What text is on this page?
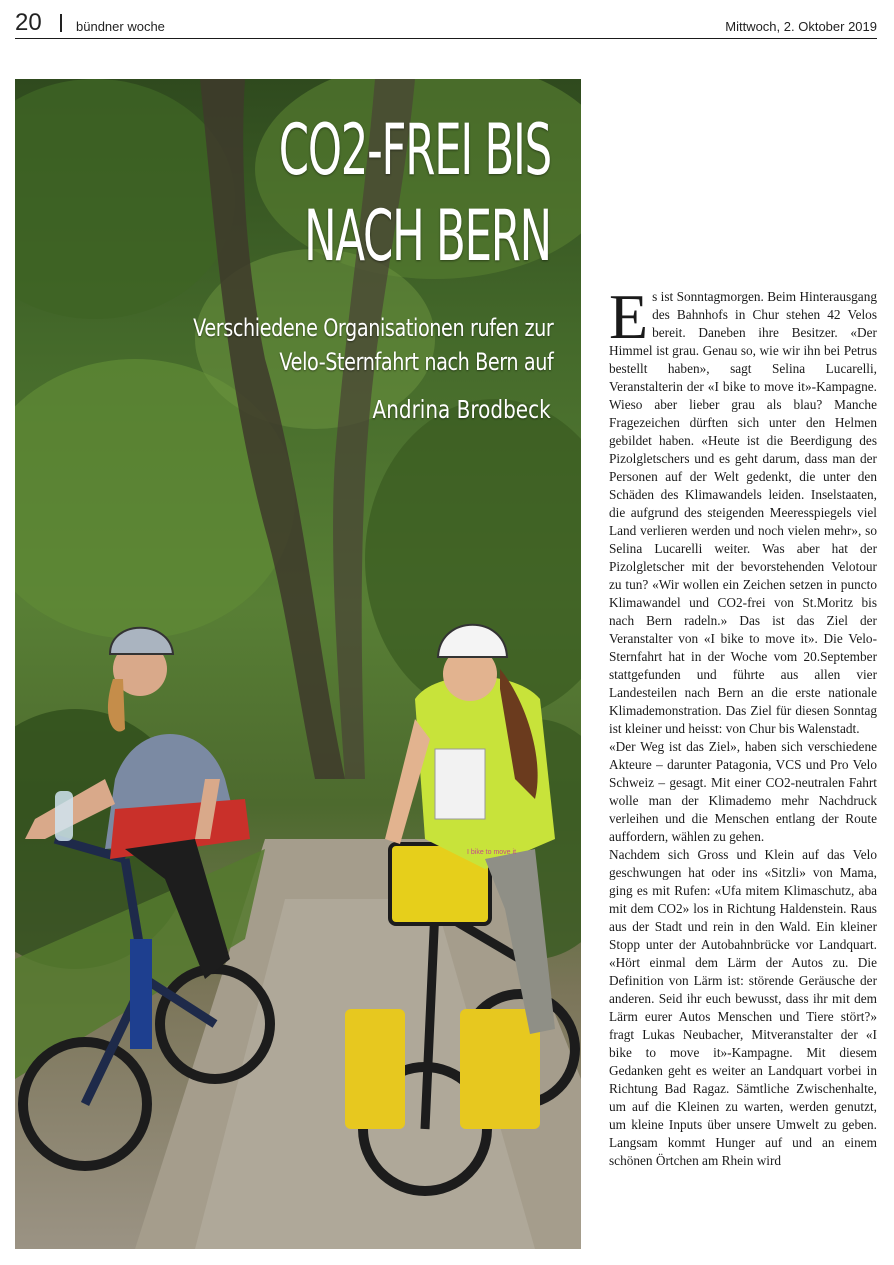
20	bündner woche	Mittwoch, 2. Oktober 2019
CO2-FREI BIS
NACH BERN

Verschiedene Organisationen rufen zur
Velo-Sternfahrt nach Bern auf

Andrina Brodbeck

I bike to move it

Es ist Sonntagmorgen. Beim Hinterausgang des Bahnhofs in Chur stehen 42 Velos bereit. Daneben ihre Besitzer. «Der Himmel ist grau. Genau so, wie wir ihn bei Petrus bestellt haben», sagt Selina Lucarelli, Veranstalterin der «I bike to move it»-Kampagne. Wieso aber lieber grau als blau? Manche Fragezeichen dürften sich unter den Helmen gebildet haben. «Heute ist die Beerdigung des Pizolgletschers und es geht darum, dass man der Personen auf der Welt gedenkt, die unter den Schäden des Klimawandels leiden. Inselstaaten, die aufgrund des steigenden Meeresspiegels viel Land verlieren werden und noch vielen mehr», so Selina Lucarelli weiter. Was aber hat der Pizolgletscher mit der bevorstehenden Velotour zu tun? «Wir wollen ein Zeichen setzen in puncto Klimawandel und CO2-frei von St.Moritz bis nach Bern radeln.» Das ist das Ziel der Veranstalter von «I bike to move it». Die Velo-Sternfahrt hat in der Woche vom 20.September stattgefunden und führte aus allen vier Landesteilen nach Bern an die erste nationale Klimademonstration. Das Ziel für diesen Sonntag ist kleiner und heisst: von Chur bis Walenstadt.

«Der Weg ist das Ziel», haben sich verschiedene Akteure – darunter Patagonia, VCS und Pro Velo Schweiz – gesagt. Mit einer CO2-neutralen Fahrt wolle man der Klimademo mehr Nachdruck verleihen und die Menschen entlang der Route auffordern, wählen zu gehen.

Nachdem sich Gross und Klein auf das Velo geschwungen hat oder ins «Sitzli» von Mama, ging es mit Rufen: «Ufa mitem Klimaschutz, aba mit dem CO2» los in Richtung Haldenstein. Raus aus der Stadt und rein in den Wald. Ein kleiner Stopp unter der Autobahnbrücke vor Landquart. «Hört einmal dem Lärm der Autos zu. Die Definition von Lärm ist: störende Geräusche der anderen. Seid ihr euch bewusst, dass ihr mit dem Lärm eurer Autos Menschen und Tiere stört?» fragt Lukas Neubacher, Mitveranstalter der «I bike to move it»-Kampagne. Mit diesem Gedanken geht es weiter an Landquart vorbei in Richtung Bad Ragaz. Sämtliche Zwischenhalte, um auf die Kleinen zu warten, werden genutzt, um kleine Inputs über unsere Umwelt zu geben. Langsam kommt Hunger auf und an einem schönen Örtchen am Rhein wird
